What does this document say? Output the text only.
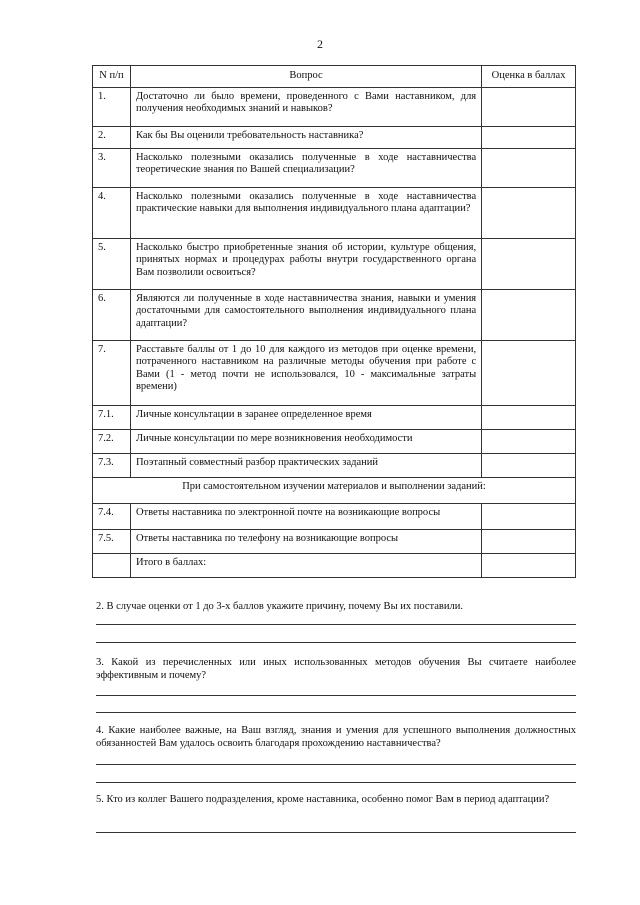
2
N п/п	Вопрос	Оценка в баллах
1.	Достаточно ли было времени, проведенного с Вами наставником, для получения необходимых знаний и навыков?	
2.	Как бы Вы оценили требовательность наставника?	
3.	Насколько полезными оказались полученные в ходе наставничества теоретические знания по Вашей специализации?	
4.	Насколько полезными оказались полученные в ходе наставничества практические навыки для выполнения индивидуального плана адаптации?	
5.	Насколько быстро приобретенные знания об истории, культуре общения, принятых нормах и процедурах работы внутри государственного органа Вам позволили освоиться?	
6.	Являются ли полученные в ходе наставничества знания, навыки и умения достаточными для самостоятельного выполнения индивидуального плана адаптации?	
7.	Расставьте баллы от 1 до 10 для каждого из методов при оценке времени, потраченного наставником на различные методы обучения при работе с Вами (1 - метод почти не использовался, 10 - максимальные затраты времени)	
7.1.	Личные консультации в заранее определенное время	
7.2.	Личные консультации по мере возникновения необходимости	
7.3.	Поэтапный совместный разбор практических заданий	
При самостоятельном изучении материалов и выполнении заданий:		
7.4.	Ответы наставника по электронной почте на возникающие вопросы	
7.5.	Ответы наставника по телефону на возникающие вопросы	
	Итого в баллах:	
2. В случае оценки от 1 до 3-х баллов укажите причину, почему Вы их поставили.
3. Какой из перечисленных или иных использованных методов обучения Вы считаете наиболее эффективным и почему?
4. Какие наиболее важные, на Ваш взгляд, знания и умения для успешного выполнения должностных обязанностей Вам удалось освоить благодаря прохождению наставничества?
5. Кто из коллег Вашего подразделения, кроме наставника, особенно помог Вам в период адаптации?
